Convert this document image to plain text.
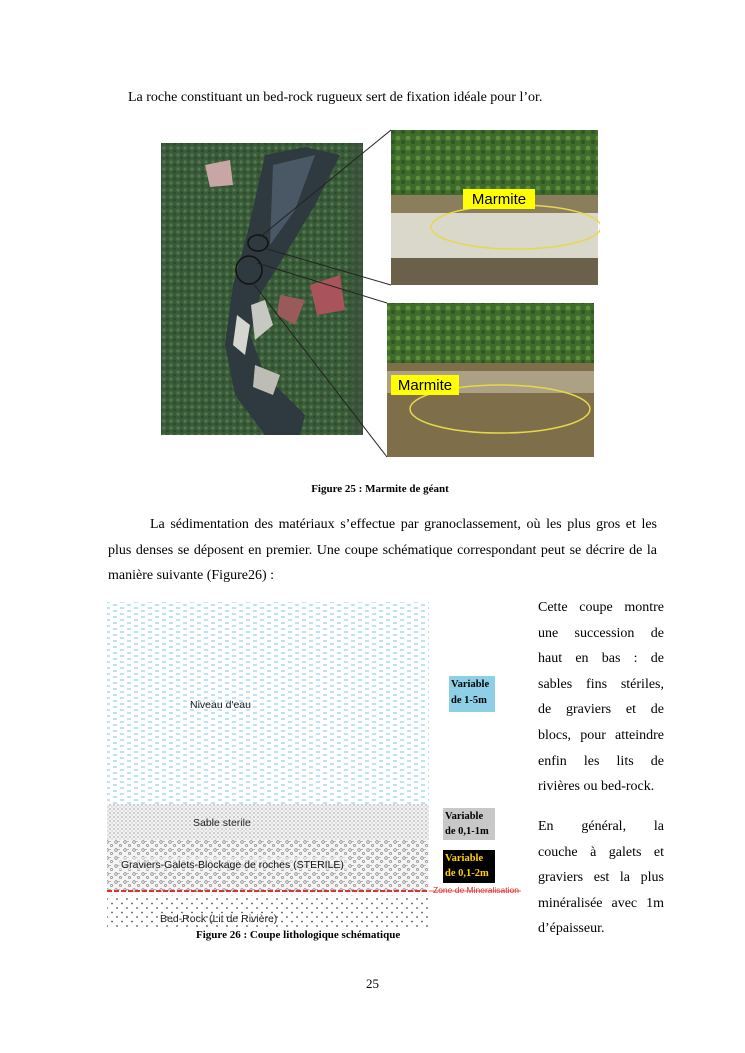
La roche constituant un bed-rock rugueux sert de fixation idéale pour l’or.
Marmite
Marmite
Figure 25 : Marmite de géant
La sédimentation des matériaux s’effectue par granoclassement, où les plus gros et les plus denses se déposent en premier. Une coupe schématique correspondant peut se décrire de la manière suivante (Figure26) :
Niveau d'eau
Sable sterile
Graviers-Galets-Blockage de roches (STERILE)
Zone de Mineralisation
Bed-Rock (Lit de Rivière)
Variable
de 1-5m
Variable
de 0,1-1m
Variable
de 0,1-2m
Figure 26 : Coupe lithologique schématique
Cette coupe montre
une succession de
haut en bas : de
sables fins stériles,
de graviers et de
blocs, pour atteindre
enfin les lits de
rivières ou bed-rock.
En général, la
couche à galets et
graviers est la plus
minéralisée avec 1m
d’épaisseur.
25
